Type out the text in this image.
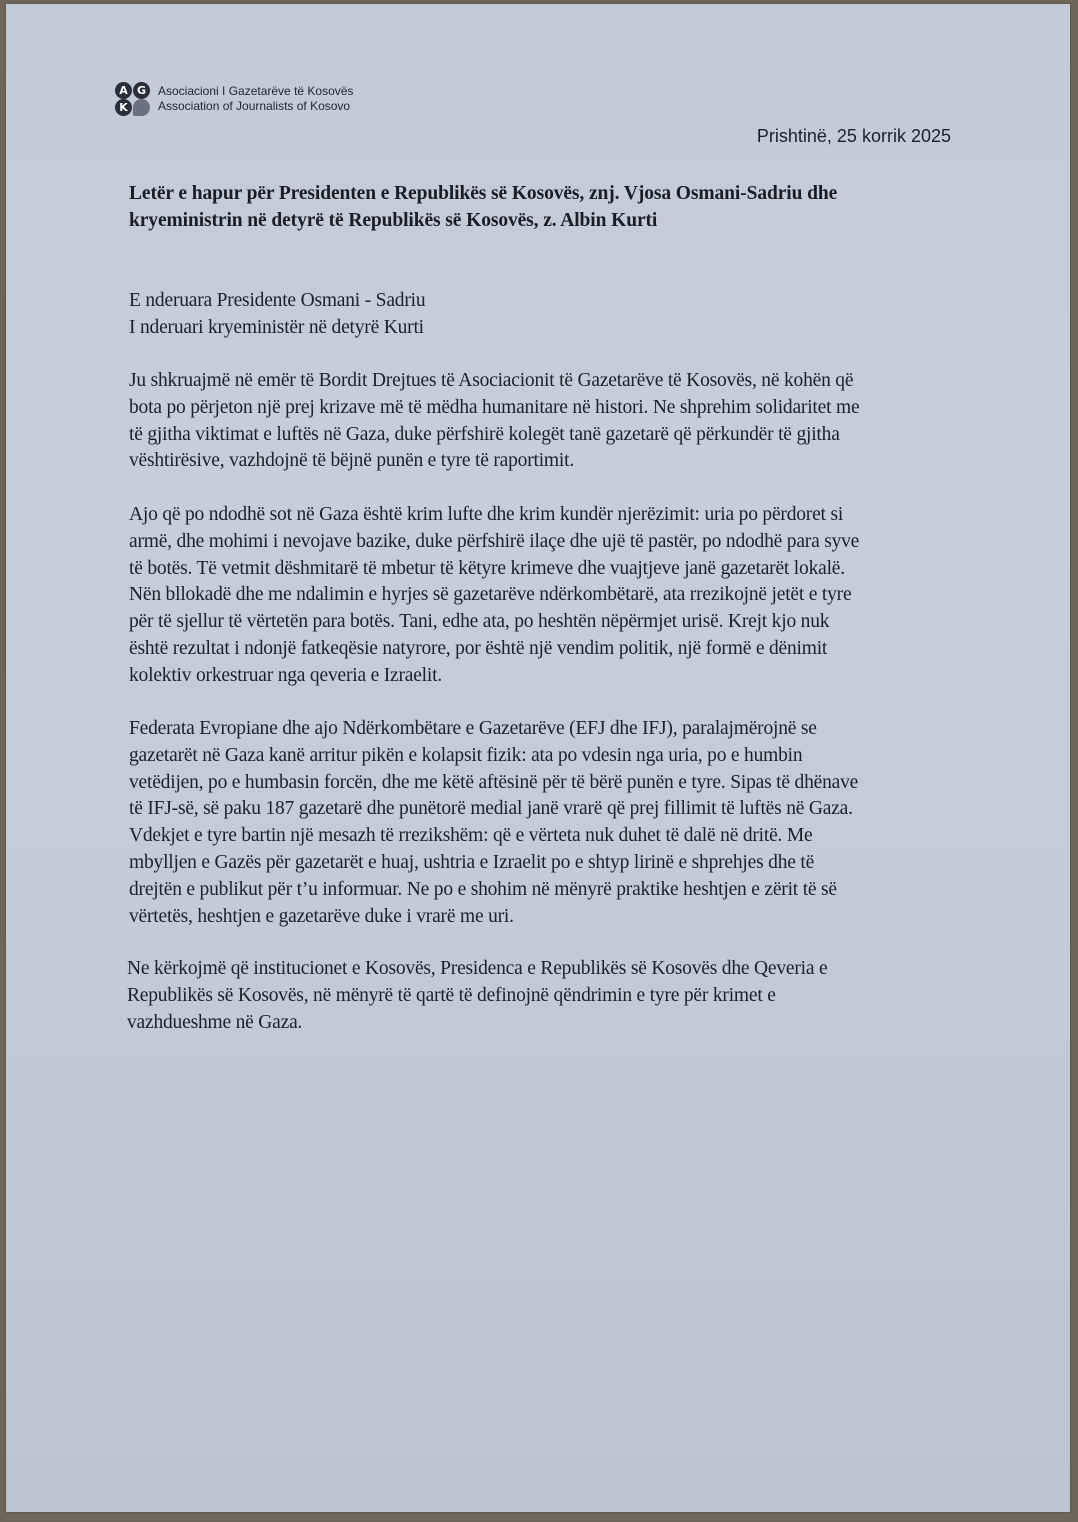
A G
K
Asociacioni I Gazetarëve të Kosovës
Association of Journalists of Kosovo
Prishtinë, 25 korrik 2025
Letër e hapur për Presidenten e Republikës së Kosovës, znj. Vjosa Osmani-Sadriu dhe
kryeministrin në detyrë të Republikës së Kosovës, z. Albin Kurti
E nderuara Presidente Osmani - Sadriu
I nderuari kryeministër në detyrë Kurti
Ju shkruajmë në emër të Bordit Drejtues të Asociacionit të Gazetarëve të Kosovës, në kohën që
bota po përjeton një prej krizave më të mëdha humanitare në histori. Ne shprehim solidaritet me
të gjitha viktimat e luftës në Gaza, duke përfshirë kolegët tanë gazetarë që përkundër të gjitha
vështirësive, vazhdojnë të bëjnë punën e tyre të raportimit.
Ajo që po ndodhë sot në Gaza është krim lufte dhe krim kundër njerëzimit: uria po përdoret si
armë, dhe mohimi i nevojave bazike, duke përfshirë ilaçe dhe ujë të pastër, po ndodhë para syve
të botës. Të vetmit dëshmitarë të mbetur të këtyre krimeve dhe vuajtjeve janë gazetarët lokalë.
Nën bllokadë dhe me ndalimin e hyrjes së gazetarëve ndërkombëtarë, ata rrezikojnë jetët e tyre
për të sjellur të vërtetën para botës. Tani, edhe ata, po heshtën nëpërmjet urisë. Krejt kjo nuk
është rezultat i ndonjë fatkeqësie natyrore, por është një vendim politik, një formë e dënimit
kolektiv orkestruar nga qeveria e Izraelit.
Federata Evropiane dhe ajo Ndërkombëtare e Gazetarëve (EFJ dhe IFJ), paralajmërojnë se
gazetarët në Gaza kanë arritur pikën e kolapsit fizik: ata po vdesin nga uria, po e humbin
vetëdijen, po e humbasin forcën, dhe me këtë aftësinë për të bërë punën e tyre. Sipas të dhënave
të IFJ-së, së paku 187 gazetarë dhe punëtorë medial janë vrarë që prej fillimit të luftës në Gaza.
Vdekjet e tyre bartin një mesazh të rrezikshëm: që e vërteta nuk duhet të dalë në dritë. Me
mbylljen e Gazës për gazetarët e huaj, ushtria e Izraelit po e shtyp lirinë e shprehjes dhe të
drejtën e publikut për t’u informuar. Ne po e shohim në mënyrë praktike heshtjen e zërit të së
vërtetës, heshtjen e gazetarëve duke i vrarë me uri.
Ne kërkojmë që institucionet e Kosovës, Presidenca e Republikës së Kosovës dhe Qeveria e
Republikës së Kosovës, në mënyrë të qartë të definojnë qëndrimin e tyre për krimet e
vazhdueshme në Gaza.
